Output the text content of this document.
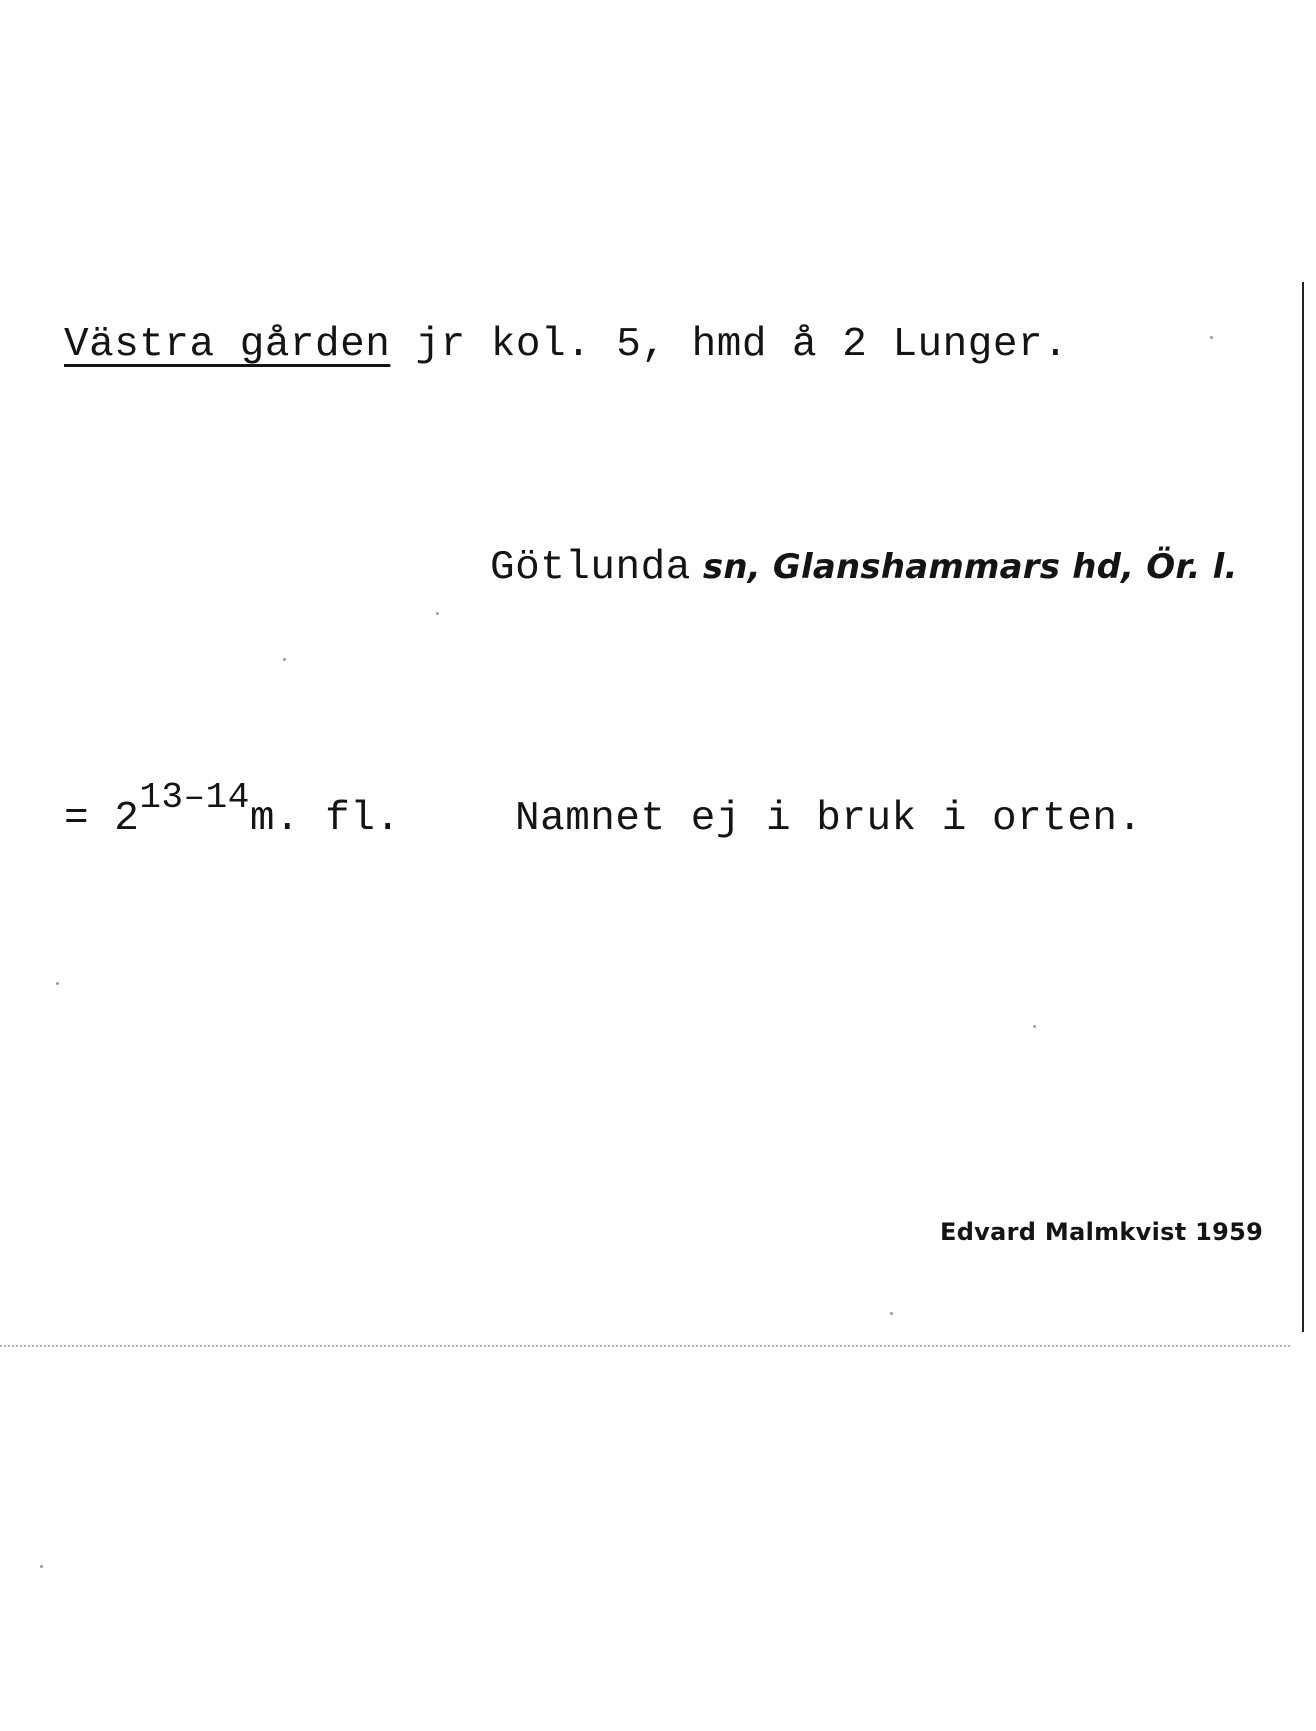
Västra gården jr kol. 5, hmd å 2 Lunger.
Götlunda sn, Glanshammars hd, Ör. l.
= 213–14m. fl.	Namnet ej i bruk i orten.
Edvard Malmkvist 1959
